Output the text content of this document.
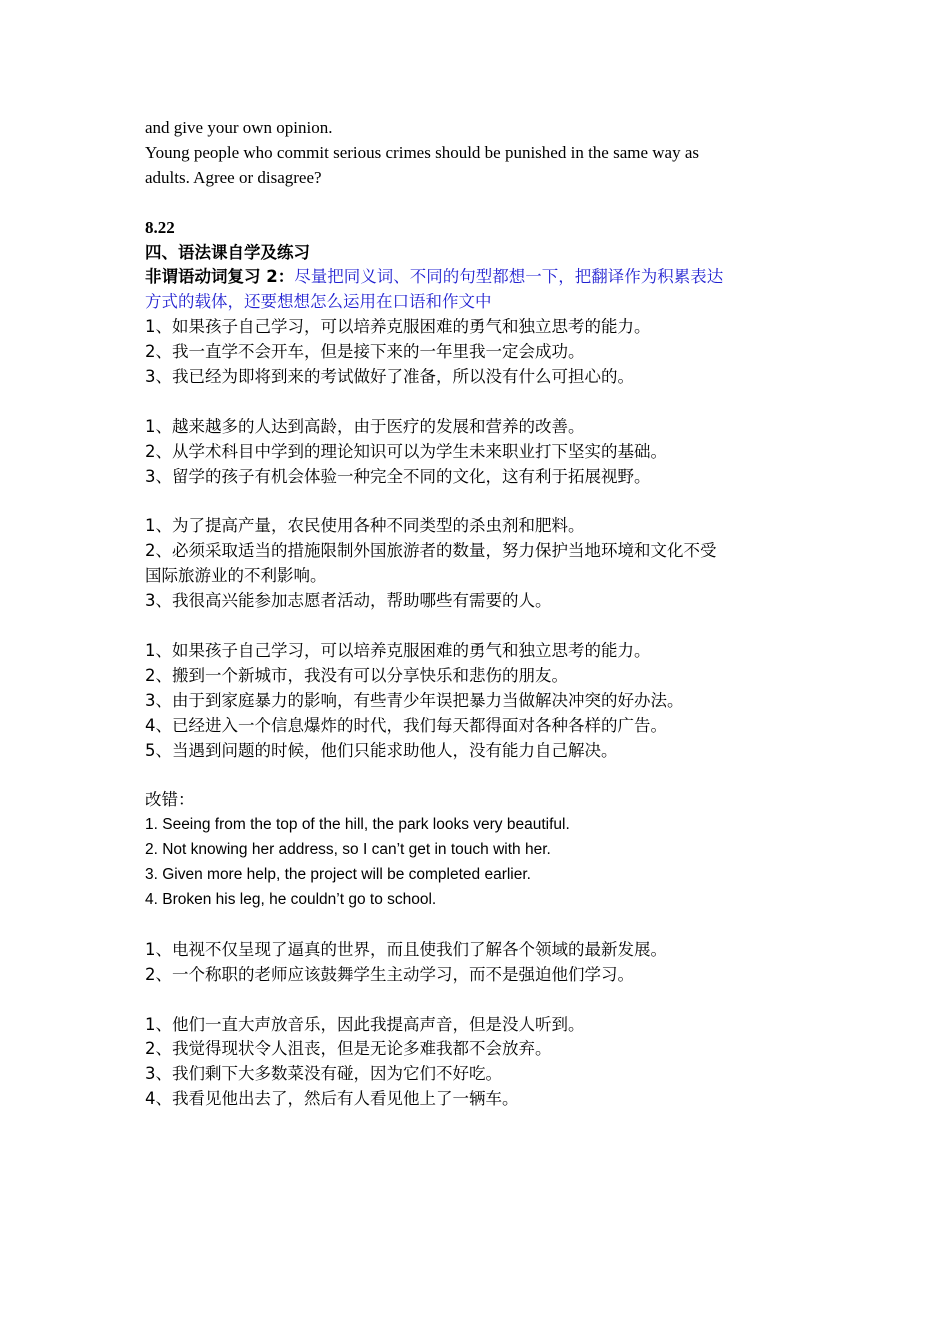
and give your own opinion.

Young people who commit serious crimes should be punished in the same way as

adults. Agree or disagree?

8.22

四、语法课自学及练习

非谓语动词复习 2：尽量把同义词、不同的句型都想一下，把翻译作为积累表达

方式的载体，还要想想怎么运用在口语和作文中

1、如果孩子自己学习，可以培养克服困难的勇气和独立思考的能力。

2、我一直学不会开车，但是接下来的一年里我一定会成功。

3、我已经为即将到来的考试做好了准备，所以没有什么可担心的。

1、越来越多的人达到高龄，由于医疗的发展和营养的改善。

2、从学术科目中学到的理论知识可以为学生未来职业打下坚实的基础。

3、留学的孩子有机会体验一种完全不同的文化，这有利于拓展视野。

1、为了提高产量，农民使用各种不同类型的杀虫剂和肥料。

2、必须采取适当的措施限制外国旅游者的数量，努力保护当地环境和文化不受

国际旅游业的不利影响。

3、我很高兴能参加志愿者活动，帮助哪些有需要的人。

1、如果孩子自己学习，可以培养克服困难的勇气和独立思考的能力。

2、搬到一个新城市，我没有可以分享快乐和悲伤的朋友。

3、由于到家庭暴力的影响，有些青少年误把暴力当做解决冲突的好办法。

4、已经进入一个信息爆炸的时代，我们每天都得面对各种各样的广告。

5、当遇到问题的时候，他们只能求助他人，没有能力自己解决。

改错：

1. Seeing from the top of the hill, the park looks very beautiful.

2. Not knowing her address, so I can’t get in touch with her.

3. Given more help, the project will be completed earlier.

4. Broken his leg, he couldn’t go to school.

1、电视不仅呈现了逼真的世界，而且使我们了解各个领域的最新发展。

2、一个称职的老师应该鼓舞学生主动学习，而不是强迫他们学习。

1、他们一直大声放音乐，因此我提高声音，但是没人听到。

2、我觉得现状令人沮丧，但是无论多难我都不会放弃。

3、我们剩下大多数菜没有碰，因为它们不好吃。

4、我看见他出去了，然后有人看见他上了一辆车。
